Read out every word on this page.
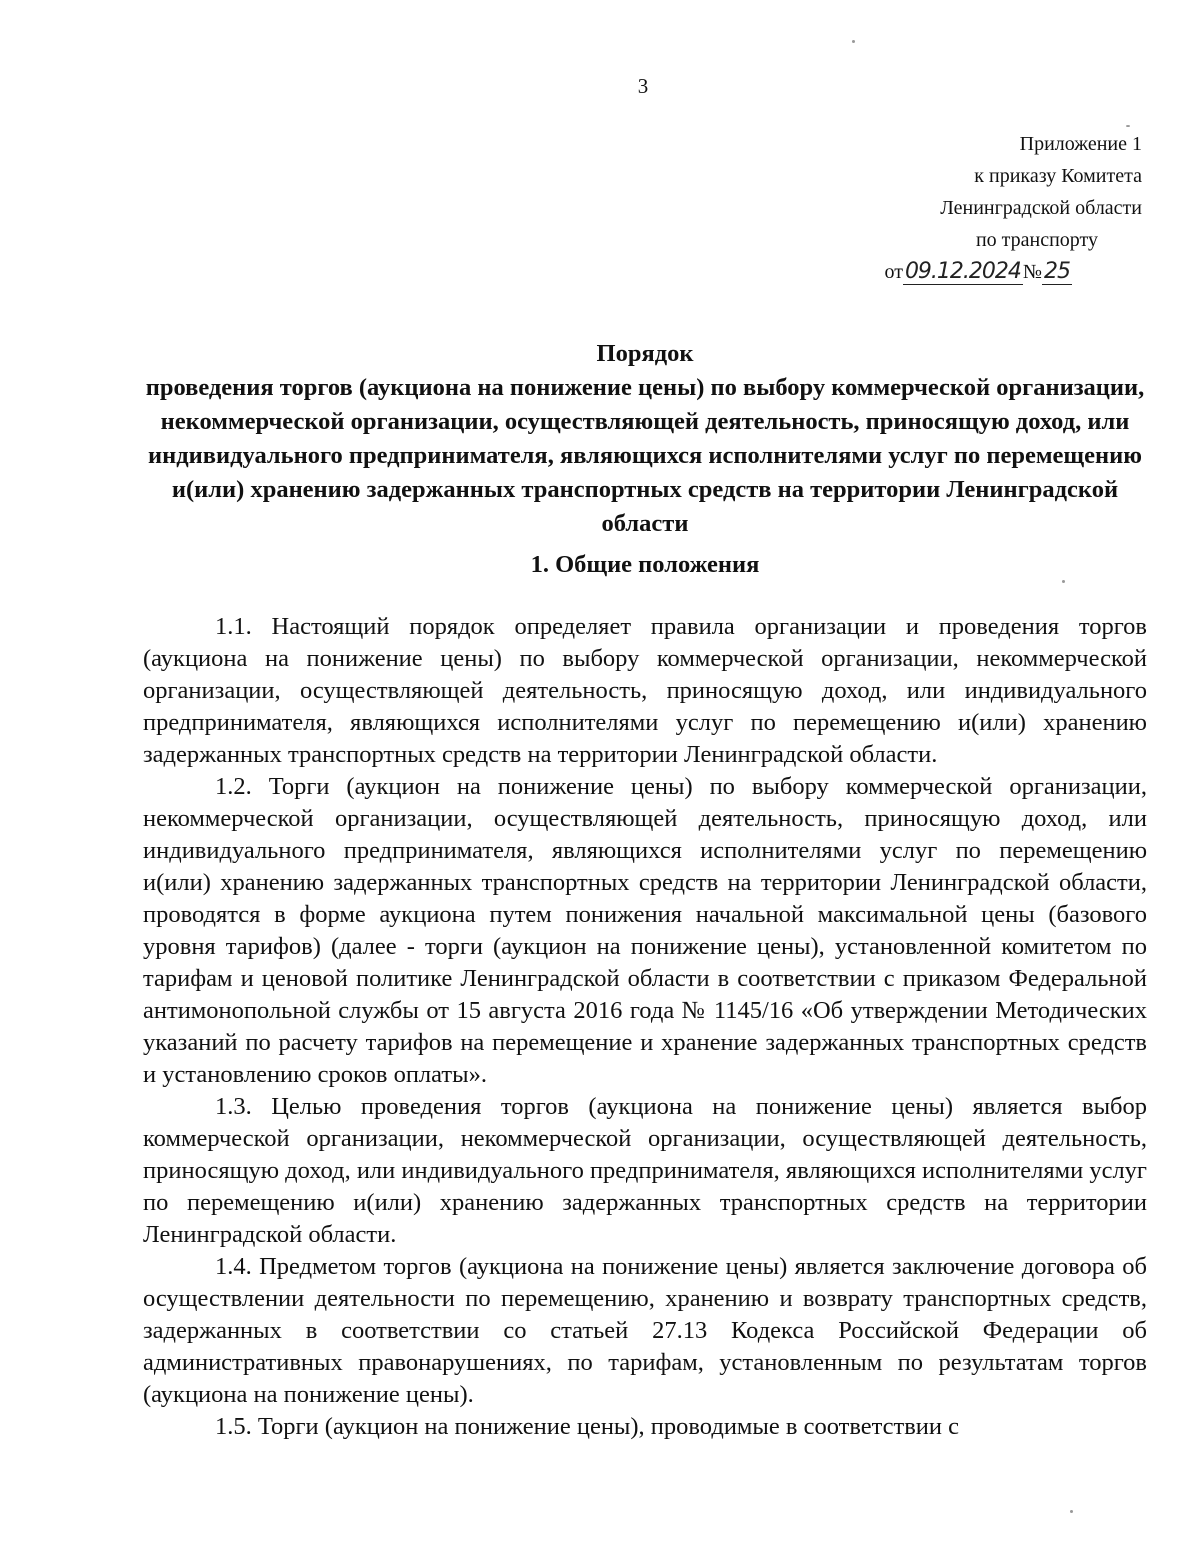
3
Приложение 1
к приказу Комитета
Ленинградской области
по транспорту
от09.12.2024 №25
Порядок
проведения торгов (аукциона на понижение цены) по выбору коммерческой организации, некоммерческой организации, осуществляющей деятельность, приносящую доход, или индивидуального предпринимателя, являющихся исполнителями услуг по перемещению и(или) хранению задержанных транспортных средств на территории Ленинградской области
1. Общие положения

1.1. Настоящий порядок определяет правила организации и проведения торгов (аукциона на понижение цены) по выбору коммерческой организации, некоммерческой организации, осуществляющей деятельность, приносящую доход, или индивидуального предпринимателя, являющихся исполнителями услуг по перемещению и(или) хранению задержанных транспортных средств на территории Ленинградской области.

1.2. Торги (аукцион на понижение цены) по выбору коммерческой организации, некоммерческой организации, осуществляющей деятельность, приносящую доход, или индивидуального предпринимателя, являющихся исполнителями услуг по перемещению и(или) хранению задержанных транспортных средств на территории Ленинградской области, проводятся в форме аукциона путем понижения начальной максимальной цены (базового уровня тарифов) (далее - торги (аукцион на понижение цены), установленной комитетом по тарифам и ценовой политике Ленинградской области в соответствии с приказом Федеральной антимонопольной службы от 15 августа 2016 года № 1145/16 «Об утверждении Методических указаний по расчету тарифов на перемещение и хранение задержанных транспортных средств и установлению сроков оплаты».

1.3. Целью проведения торгов (аукциона на понижение цены) является выбор коммерческой организации, некоммерческой организации, осуществляющей деятельность, приносящую доход, или индивидуального предпринимателя, являющихся исполнителями услуг по перемещению и(или) хранению задержанных транспортных средств на территории Ленинградской области.

1.4. Предметом торгов (аукциона на понижение цены) является заключение договора об осуществлении деятельности по перемещению, хранению и возврату транспортных средств, задержанных в соответствии со статьей 27.13 Кодекса Российской Федерации об административных правонарушениях, по тарифам, установленным по результатам торгов (аукциона на понижение цены).

1.5. Торги (аукцион на понижение цены), проводимые в соответствии с
